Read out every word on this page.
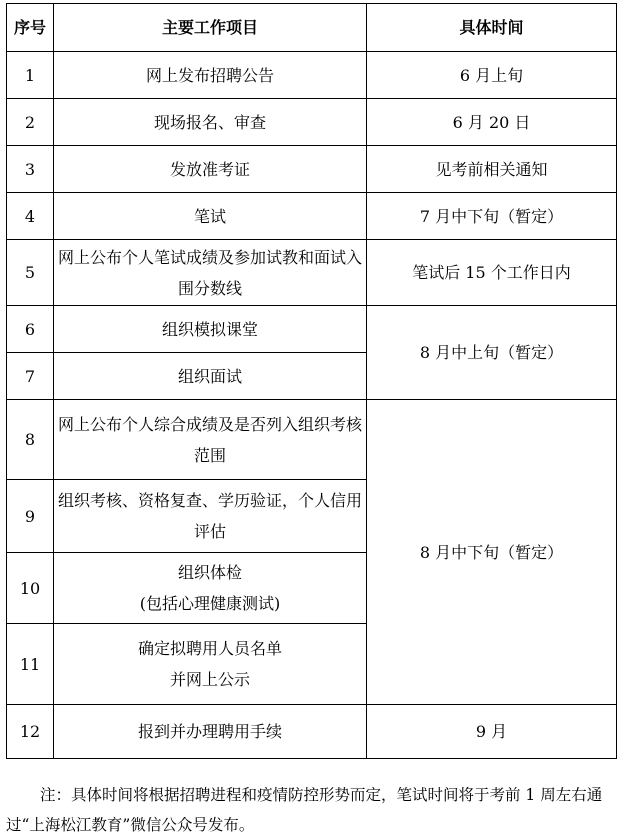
序号	主要工作项目	具体时间
1	网上发布招聘公告	6 月上旬
2	现场报名、审查	6 月 20 日
3	发放准考证	见考前相关通知
4	笔试	7 月中下旬（暂定）
5	网上公布个人笔试成绩及参加试教和面试入围分数线	笔试后 15 个工作日内
6	组织模拟课堂	8 月中上旬（暂定）
7	组织面试	
8	网上公布个人综合成绩及是否列入组织考核范围	8 月中下旬（暂定）
9	组织考核、资格复查、学历验证，个人信用评估	
10	组织体检
(包括心理健康测试)	

11	确定拟聘用人员名单
并网上公示	

12	报到并办理聘用手续	9 月

注：具体时间将根据招聘进程和疫情防控形势而定，笔试时间将于考前 1 周左右通过“上海松江教育”微信公众号发布。
